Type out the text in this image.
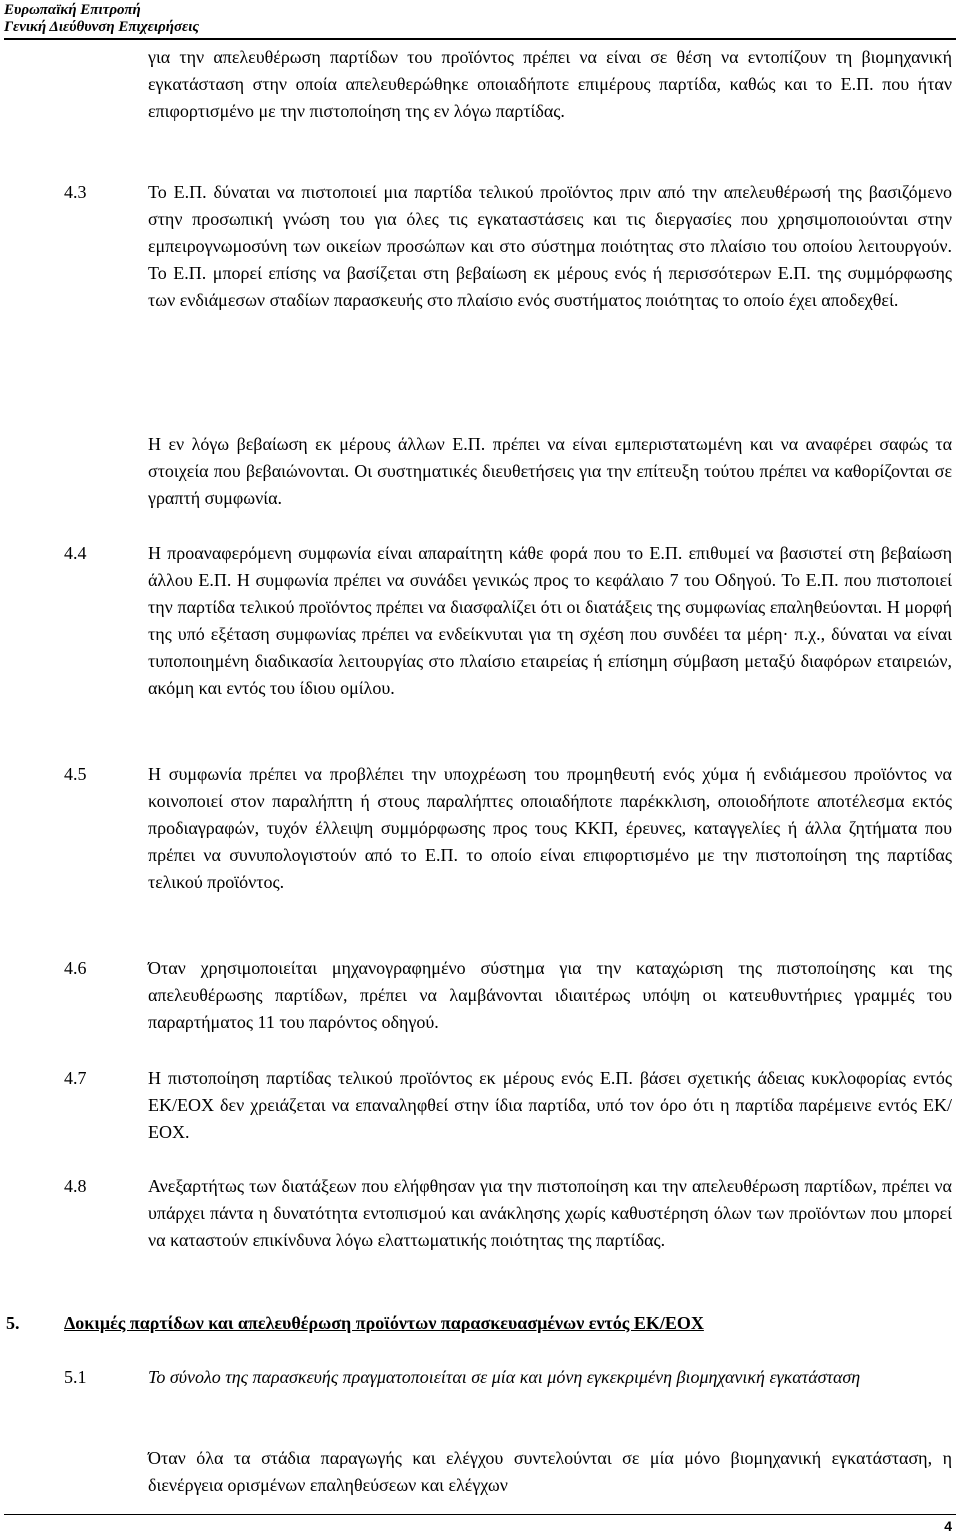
Ευρωπαϊκή Επιτροπή
Γενική Διεύθυνση Επιχειρήσεις

για την απελευθέρωση παρτίδων του προϊόντος πρέπει να είναι σε θέση να εντοπίζουν τη βιομηχανική εγκατάσταση στην οποία απελευθερώθηκε οποιαδήποτε επιμέρους παρτίδα, καθώς και το Ε.Π. που ήταν επιφορτισμένο με την πιστοποίηση της εν λόγω παρτίδας.

4.3	Το Ε.Π. δύναται να πιστοποιεί μια παρτίδα τελικού προϊόντος πριν από την απελευθέρωσή της βασιζόμενο στην προσωπική γνώση του για όλες τις εγκαταστάσεις και τις διεργασίες που χρησιμοποιούνται στην εμπειρογνωμοσύνη των οικείων προσώπων και στο σύστημα ποιότητας στο πλαίσιο του οποίου λειτουργούν. Το Ε.Π. μπορεί επίσης να βασίζεται στη βεβαίωση εκ μέρους ενός ή περισσότερων Ε.Π. της συμμόρφωσης των ενδιάμεσων σταδίων παρασκευής στο πλαίσιο ενός συστήματος ποιότητας το οποίο έχει αποδεχθεί.

Η εν λόγω βεβαίωση εκ μέρους άλλων Ε.Π. πρέπει να είναι εμπεριστατωμένη και να αναφέρει σαφώς τα στοιχεία που βεβαιώνονται. Οι συστηματικές διευθετήσεις για την επίτευξη τούτου πρέπει να καθορίζονται σε γραπτή συμφωνία.

4.4	Η προαναφερόμενη συμφωνία είναι απαραίτητη κάθε φορά που το Ε.Π. επιθυμεί να βασιστεί στη βεβαίωση άλλου Ε.Π. Η συμφωνία πρέπει να συνάδει γενικώς προς το κεφάλαιο 7 του Οδηγού. Το Ε.Π. που πιστοποιεί την παρτίδα τελικού προϊόντος πρέπει να διασφαλίζει ότι οι διατάξεις της συμφωνίας επαληθεύονται. Η μορφή της υπό εξέταση συμφωνίας πρέπει να ενδείκνυται για τη σχέση που συνδέει τα μέρη· π.χ., δύναται να είναι τυποποιημένη διαδικασία λειτουργίας στο πλαίσιο εταιρείας ή επίσημη σύμβαση μεταξύ διαφόρων εταιρειών, ακόμη και εντός του ίδιου ομίλου.

4.5	Η συμφωνία πρέπει να προβλέπει την υποχρέωση του προμηθευτή ενός χύμα ή ενδιάμεσου προϊόντος να κοινοποιεί στον παραλήπτη ή στους παραλήπτες οποιαδήποτε παρέκκλιση, οποιοδήποτε αποτέλεσμα εκτός προδιαγραφών, τυχόν έλλειψη συμμόρφωσης προς τους ΚΚΠ, έρευνες, καταγγελίες ή άλλα ζητήματα που πρέπει να συνυπολογιστούν από το Ε.Π. το οποίο είναι επιφορτισμένο με την πιστοποίηση της παρτίδας τελικού προϊόντος.

4.6	Όταν χρησιμοποιείται μηχανογραφημένο σύστημα για την καταχώριση της πιστοποίησης και της απελευθέρωσης παρτίδων, πρέπει να λαμβάνονται ιδιαιτέρως υπόψη οι κατευθυντήριες γραμμές του παραρτήματος 11 του παρόντος οδηγού.

4.7	Η πιστοποίηση παρτίδας τελικού προϊόντος εκ μέρους ενός Ε.Π. βάσει σχετικής άδειας κυκλοφορίας εντός ΕΚ/ΕΟΧ δεν χρειάζεται να επαναληφθεί στην ίδια παρτίδα, υπό τον όρο ότι η παρτίδα παρέμεινε εντός ΕΚ/ΕΟΧ.

4.8	Ανεξαρτήτως των διατάξεων που ελήφθησαν για την πιστοποίηση και την απελευθέρωση παρτίδων, πρέπει να υπάρχει πάντα η δυνατότητα εντοπισμού και ανάκλησης χωρίς καθυστέρηση όλων των προϊόντων που μπορεί να καταστούν επικίνδυνα λόγω ελαττωματικής ποιότητας της παρτίδας.

5. Δοκιμές παρτίδων και απελευθέρωση προϊόντων παρασκευασμένων εντός ΕΚ/ΕΟΧ

5.1	Το σύνολο της παρασκευής πραγματοποιείται σε μία και μόνη εγκεκριμένη βιομηχανική εγκατάσταση

Όταν όλα τα στάδια παραγωγής και ελέγχου συντελούνται σε μία μόνο βιομηχανική εγκατάσταση, η διενέργεια ορισμένων επαληθεύσεων και ελέγχων

4
